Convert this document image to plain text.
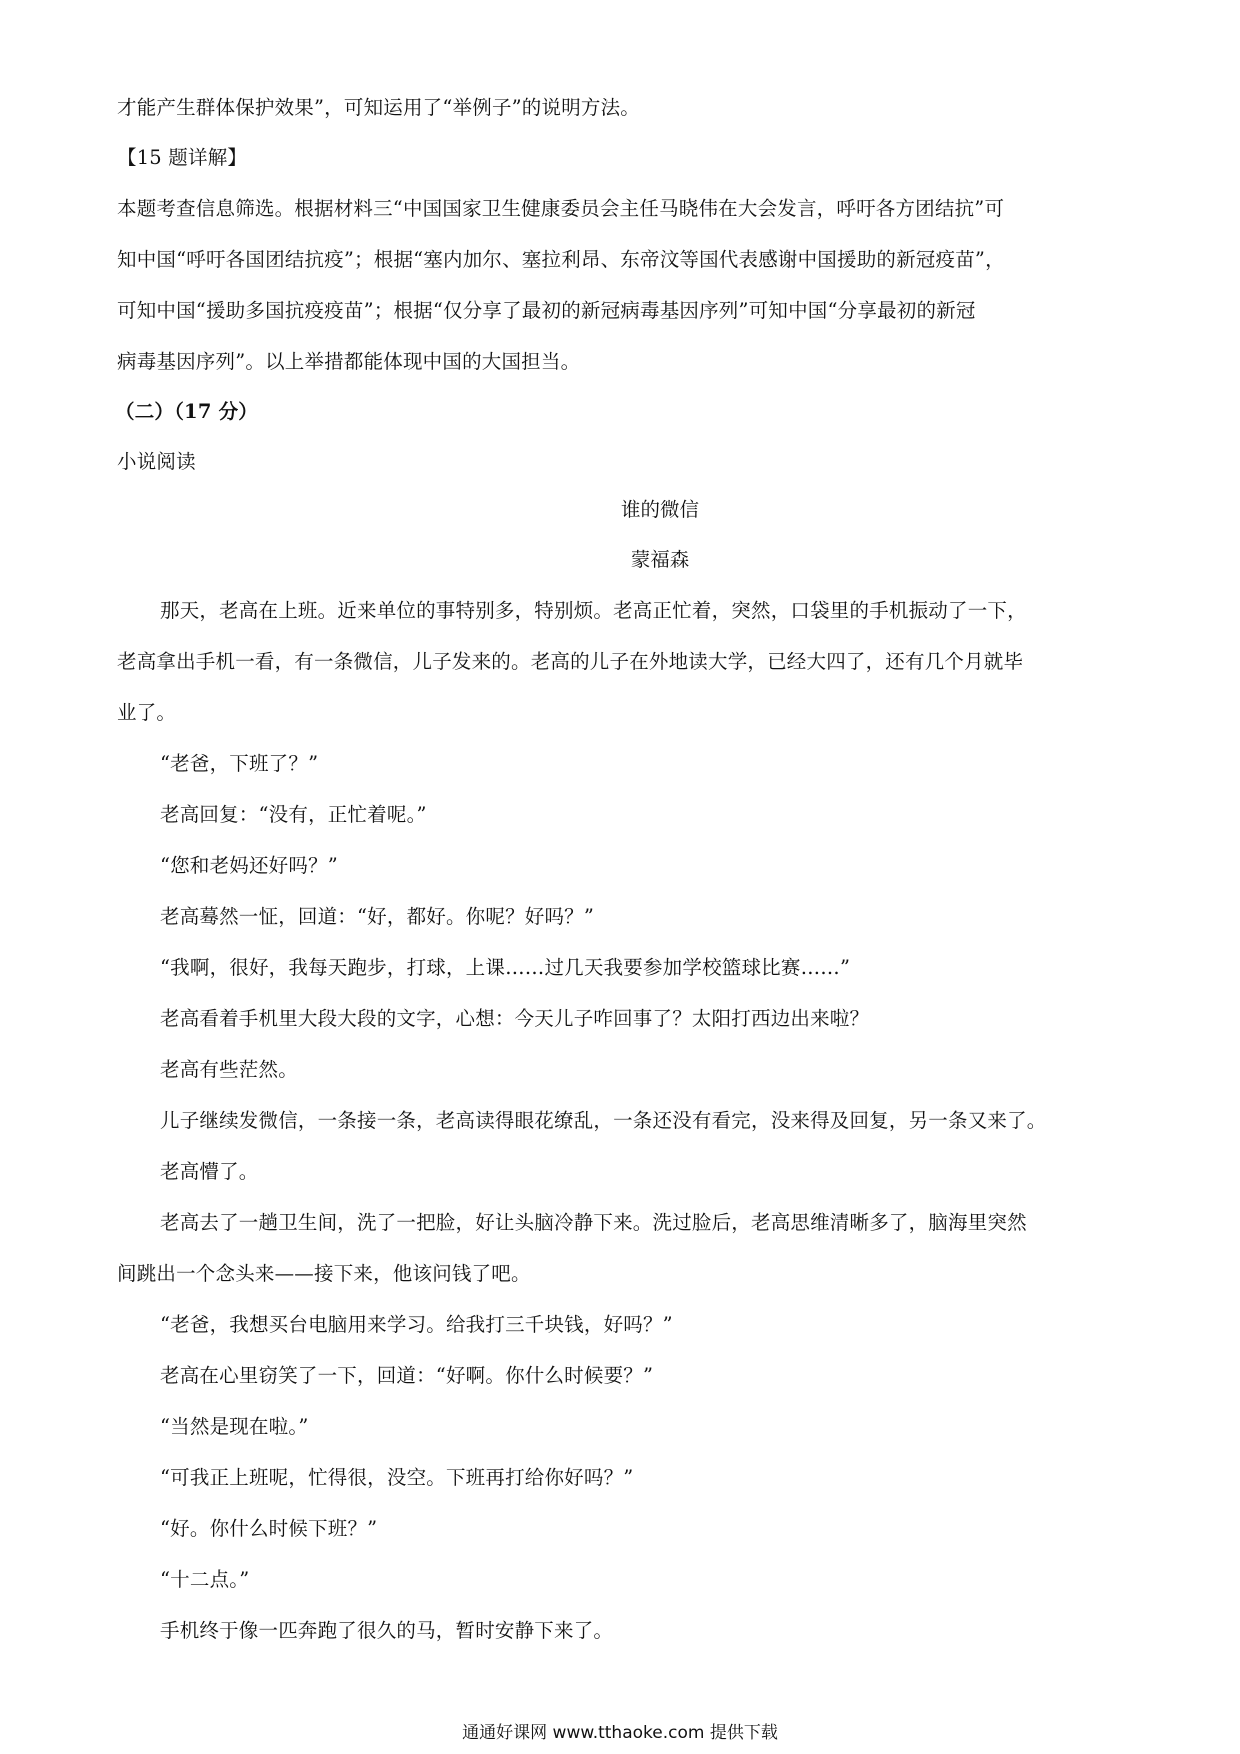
才能产生群体保护效果”，可知运用了“举例子”的说明方法。
【15 题详解】
本题考查信息筛选。根据材料三“中国国家卫生健康委员会主任马晓伟在大会发言，呼吁各方团结抗”可
知中国“呼吁各国团结抗疫”；根据“塞内加尔、塞拉利昂、东帝汶等国代表感谢中国援助的新冠疫苗”，
可知中国“援助多国抗疫疫苗”；根据“仅分享了最初的新冠病毒基因序列”可知中国“分享最初的新冠
病毒基因序列”。以上举措都能体现中国的大国担当。
（二）（17 分）
小说阅读
谁的微信
蒙福森
那天，老高在上班。近来单位的事特别多，特别烦。老高正忙着，突然，口袋里的手机振动了一下，
老高拿出手机一看，有一条微信，儿子发来的。老高的儿子在外地读大学，已经大四了，还有几个月就毕
业了。
“老爸，下班了？”
老高回复：“没有，正忙着呢。”
“您和老妈还好吗？”
老高蓦然一怔，回道：“好，都好。你呢？好吗？”
“我啊，很好，我每天跑步，打球，上课……过几天我要参加学校篮球比赛……”
老高看着手机里大段大段的文字，心想：今天儿子咋回事了？太阳打西边出来啦？
老高有些茫然。
儿子继续发微信，一条接一条，老高读得眼花缭乱，一条还没有看完，没来得及回复，另一条又来了。
老高懵了。
老高去了一趟卫生间，洗了一把脸，好让头脑冷静下来。洗过脸后，老高思维清晰多了，脑海里突然
间跳出一个念头来——接下来，他该问钱了吧。
“老爸，我想买台电脑用来学习。给我打三千块钱，好吗？”
老高在心里窃笑了一下，回道：“好啊。你什么时候要？”
“当然是现在啦。”
“可我正上班呢，忙得很，没空。下班再打给你好吗？”
“好。你什么时候下班？”
“十二点。”
手机终于像一匹奔跑了很久的马，暂时安静下来了。
通通好课网 www.tthaoke.com 提供下载
